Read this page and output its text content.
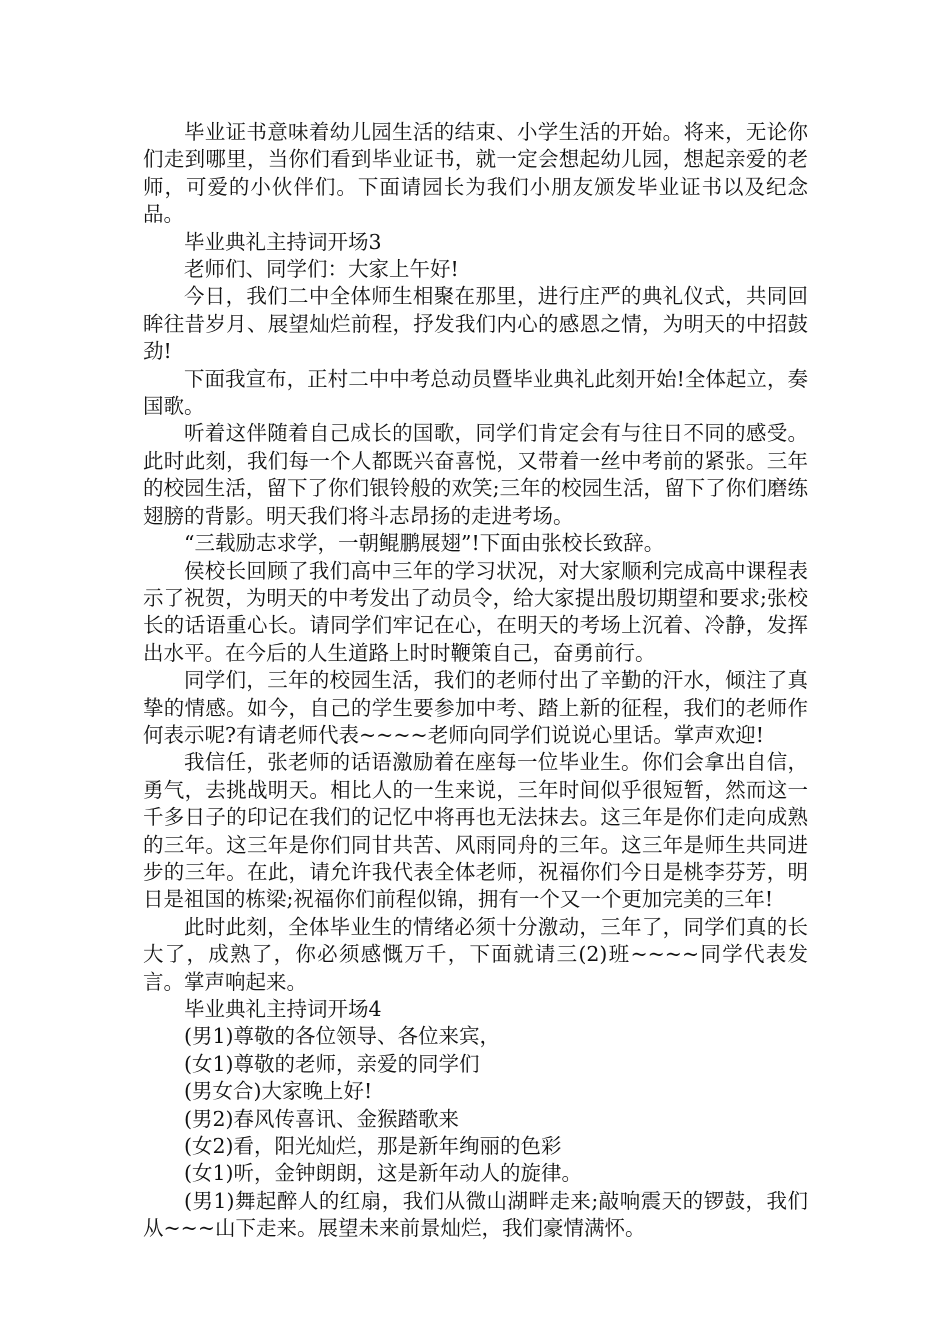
毕业证书意味着幼儿园生活的结束、小学生活的开始。将来，无论你们走到哪里，当你们看到毕业证书，就一定会想起幼儿园，想起亲爱的老师，可爱的小伙伴们。下面请园长为我们小朋友颁发毕业证书以及纪念品。

毕业典礼主持词开场3

老师们、同学们：大家上午好!

今日，我们二中全体师生相聚在那里，进行庄严的典礼仪式，共同回眸往昔岁月、展望灿烂前程，抒发我们内心的感恩之情，为明天的中招鼓劲!

下面我宣布，正村二中中考总动员暨毕业典礼此刻开始!全体起立，奏国歌。

听着这伴随着自己成长的国歌，同学们肯定会有与往日不同的感受。此时此刻，我们每一个人都既兴奋喜悦，又带着一丝中考前的紧张。三年的校园生活，留下了你们银铃般的欢笑;三年的校园生活，留下了你们磨练翅膀的背影。明天我们将斗志昂扬的走进考场。

“三载励志求学，一朝鲲鹏展翅”!下面由张校长致辞。

侯校长回顾了我们高中三年的学习状况，对大家顺利完成高中课程表示了祝贺，为明天的中考发出了动员令，给大家提出殷切期望和要求;张校长的话语重心长。请同学们牢记在心，在明天的考场上沉着、冷静，发挥出水平。在今后的人生道路上时时鞭策自己，奋勇前行。

同学们，三年的校园生活，我们的老师付出了辛勤的汗水，倾注了真挚的情感。如今，自己的学生要参加中考、踏上新的征程，我们的老师作何表示呢?有请老师代表~~~~老师向同学们说说心里话。掌声欢迎!

我信任，张老师的话语激励着在座每一位毕业生。你们会拿出自信，勇气，去挑战明天。相比人的一生来说，三年时间似乎很短暂，然而这一千多日子的印记在我们的记忆中将再也无法抹去。这三年是你们走向成熟的三年。这三年是你们同甘共苦、风雨同舟的三年。这三年是师生共同进步的三年。在此，请允许我代表全体老师，祝福你们今日是桃李芬芳，明日是祖国的栋梁;祝福你们前程似锦，拥有一个又一个更加完美的三年!

此时此刻，全体毕业生的情绪必须十分激动，三年了，同学们真的长大了，成熟了，你必须感慨万千，下面就请三(2)班~~~~同学代表发言。掌声响起来。

毕业典礼主持词开场4

(男1)尊敬的各位领导、各位来宾，

(女1)尊敬的老师，亲爱的同学们

(男女合)大家晚上好!

(男2)春风传喜讯、金猴踏歌来

(女2)看，阳光灿烂，那是新年绚丽的色彩

(女1)听，金钟朗朗，这是新年动人的旋律。

(男1)舞起醉人的红扇，我们从微山湖畔走来;敲响震天的锣鼓，我们从~~~山下走来。展望未来前景灿烂，我们豪情满怀。
